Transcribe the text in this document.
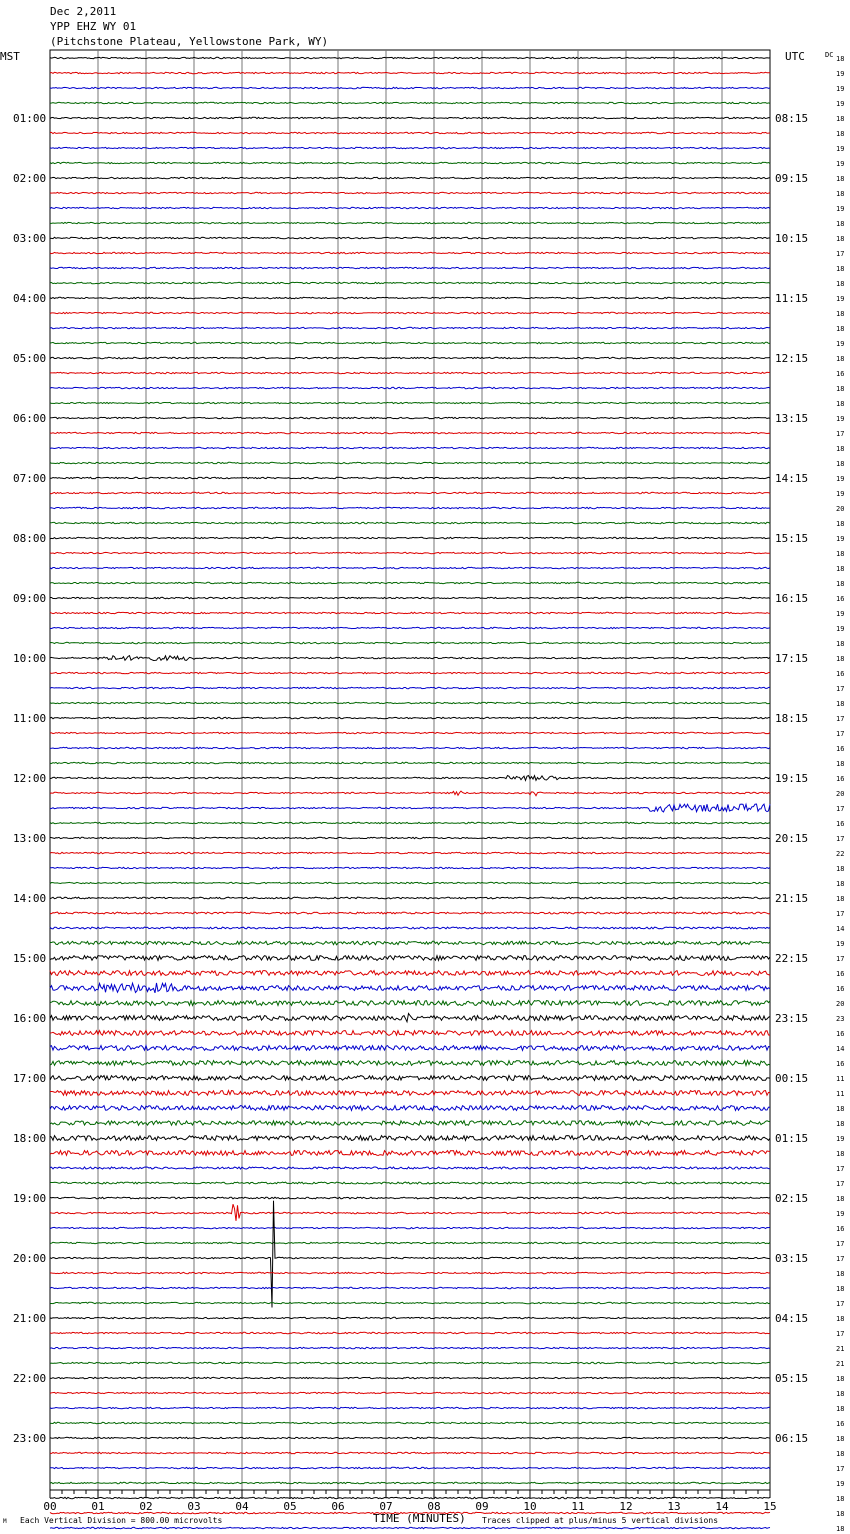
18
19
19
19
18
18
19
19
18
18
19
18
18
17
18
18
19
18
18
19
18
16
18
18
19
17
18
18
19
19
20
18
19
18
18
18
16
19
19
18
18
16
17
18
17
17
16
18
16
20
17
16
17
22
18
18
18
17
14
19
17
16
16
20
23
16
14
16
11
11
18
18
19
18
17
17
18
19
16
17
17
18
18
17
18
17
21
21
18
18
18
16
18
18
17
19
18
18
18
01:00	08:15
02:00	09:15
03:00	10:15
04:00	11:15
05:00	12:15
06:00	13:15
07:00	14:15
08:00	15:15
09:00	16:15
10:00	17:15
11:00	18:15
12:00	19:15
13:00	20:15
14:00	21:15
15:00	22:15
16:00	23:15
17:00	00:15
18:00	01:15
19:00	02:15
20:00	03:15
21:00	04:15
22:00	05:15
23:00	06:15
00	01	02	03	04	05	06	07	08	09	10	11	12	13	14	15
Dec 2,2011
YPP EHZ WY 01
(Pitchstone Plateau, Yellowstone Park, WY)
MST	UTC	DC
M Each Vertical Division = 800.00 microvolts	TIME (MINUTES) Traces clipped at plus/minus 5 vertical divisions
